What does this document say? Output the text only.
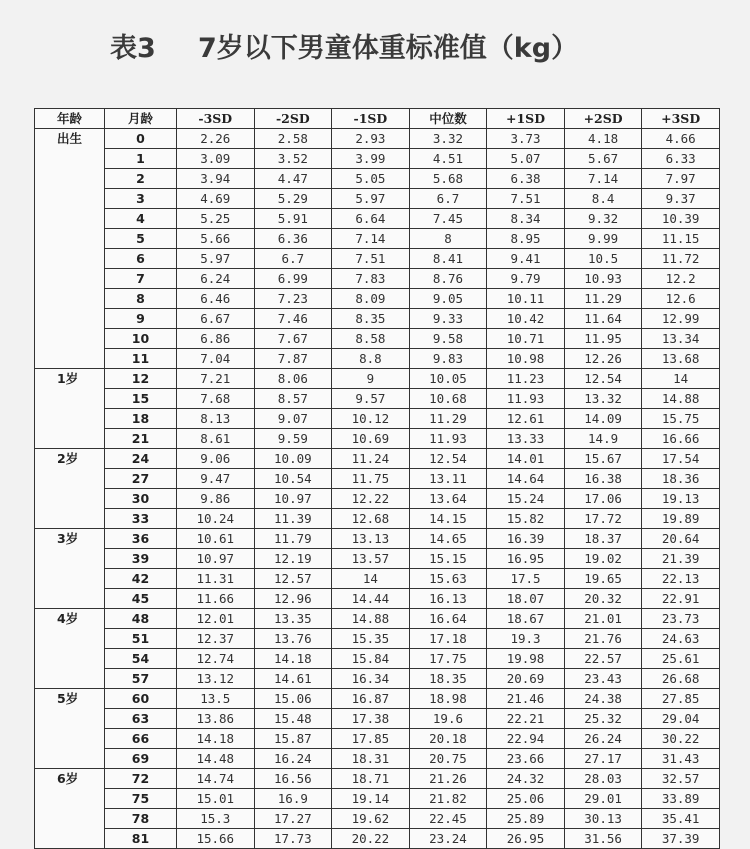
表3 7岁以下男童体重标准值（kg）
年龄	月龄	-3SD	-2SD	-1SD	中位数	+1SD	+2SD	+3SD
出生	0	2.26	2.58	2.93	3.32	3.73	4.18	4.66
	1	3.09	3.52	3.99	4.51	5.07	5.67	6.33
	2	3.94	4.47	5.05	5.68	6.38	7.14	7.97
	3	4.69	5.29	5.97	6.7	7.51	8.4	9.37
	4	5.25	5.91	6.64	7.45	8.34	9.32	10.39
	5	5.66	6.36	7.14	8	8.95	9.99	11.15
	6	5.97	6.7	7.51	8.41	9.41	10.5	11.72
	7	6.24	6.99	7.83	8.76	9.79	10.93	12.2
	8	6.46	7.23	8.09	9.05	10.11	11.29	12.6
	9	6.67	7.46	8.35	9.33	10.42	11.64	12.99
	10	6.86	7.67	8.58	9.58	10.71	11.95	13.34
	11	7.04	7.87	8.8	9.83	10.98	12.26	13.68
1岁	12	7.21	8.06	9	10.05	11.23	12.54	14
	15	7.68	8.57	9.57	10.68	11.93	13.32	14.88
	18	8.13	9.07	10.12	11.29	12.61	14.09	15.75
	21	8.61	9.59	10.69	11.93	13.33	14.9	16.66
2岁	24	9.06	10.09	11.24	12.54	14.01	15.67	17.54
	27	9.47	10.54	11.75	13.11	14.64	16.38	18.36
	30	9.86	10.97	12.22	13.64	15.24	17.06	19.13
	33	10.24	11.39	12.68	14.15	15.82	17.72	19.89
3岁	36	10.61	11.79	13.13	14.65	16.39	18.37	20.64
	39	10.97	12.19	13.57	15.15	16.95	19.02	21.39
	42	11.31	12.57	14	15.63	17.5	19.65	22.13
	45	11.66	12.96	14.44	16.13	18.07	20.32	22.91
4岁	48	12.01	13.35	14.88	16.64	18.67	21.01	23.73
	51	12.37	13.76	15.35	17.18	19.3	21.76	24.63
	54	12.74	14.18	15.84	17.75	19.98	22.57	25.61
	57	13.12	14.61	16.34	18.35	20.69	23.43	26.68
5岁	60	13.5	15.06	16.87	18.98	21.46	24.38	27.85
	63	13.86	15.48	17.38	19.6	22.21	25.32	29.04
	66	14.18	15.87	17.85	20.18	22.94	26.24	30.22
	69	14.48	16.24	18.31	20.75	23.66	27.17	31.43
6岁	72	14.74	16.56	18.71	21.26	24.32	28.03	32.57
	75	15.01	16.9	19.14	21.82	25.06	29.01	33.89
	78	15.3	17.27	19.62	22.45	25.89	30.13	35.41
	81	15.66	17.73	20.22	23.24	26.95	31.56	37.39
